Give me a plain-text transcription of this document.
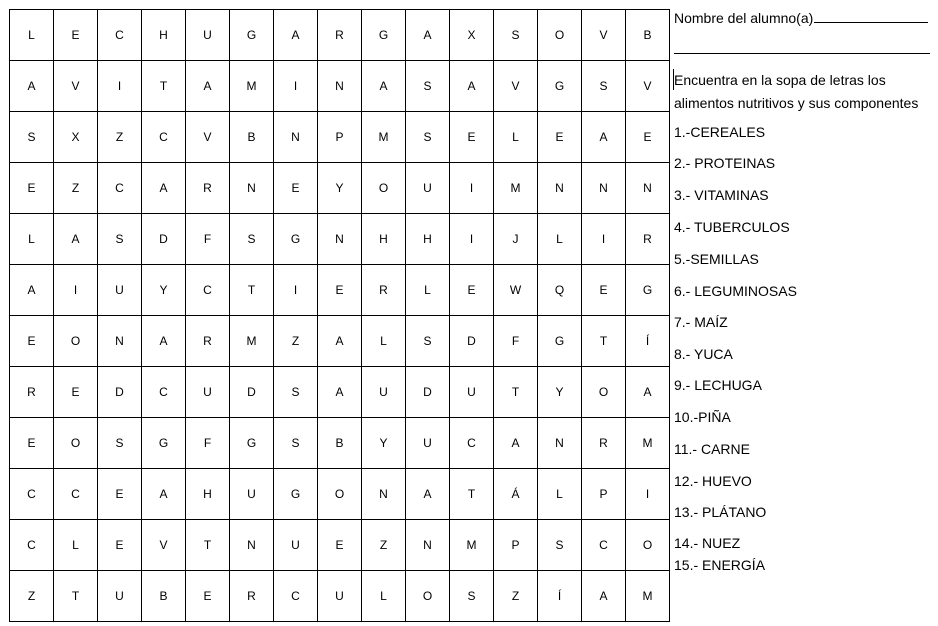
L	E	C	H	U	G	A	R	G	A	X	S	O	V	B
A	V	I	T	A	M	I	N	A	S	A	V	G	S	V
S	X	Z	C	V	B	N	P	M	S	E	L	E	A	E
E	Z	C	A	R	N	E	Y	O	U	I	M	N	N	N
L	A	S	D	F	S	G	N	H	H	I	J	L	I	R
A	I	U	Y	C	T	I	E	R	L	E	W	Q	E	G
E	O	N	A	R	M	Z	A	L	S	D	F	G	T	Í
R	E	D	C	U	D	S	A	U	D	U	T	Y	O	A
E	O	S	G	F	G	S	B	Y	U	C	A	N	R	M
C	C	E	A	H	U	G	O	N	A	T	Á	L	P	I
C	L	E	V	T	N	U	E	Z	N	M	P	S	C	O
Z	T	U	B	E	R	C	U	L	O	S	Z	Í	A	M
Nombre del alumno(a)
Encuentra en la sopa de letras los
alimentos nutritivos y sus componentes
1.-CEREALES
2.- PROTEINAS
3.- VITAMINAS
4.- TUBERCULOS
5.-SEMILLAS
6.- LEGUMINOSAS
7.- MAÍZ
8.- YUCA
9.- LECHUGA
10.-PIÑA
11.- CARNE
12.- HUEVO
13.- PLÁTANO
14.- NUEZ
15.- ENERGÍA
